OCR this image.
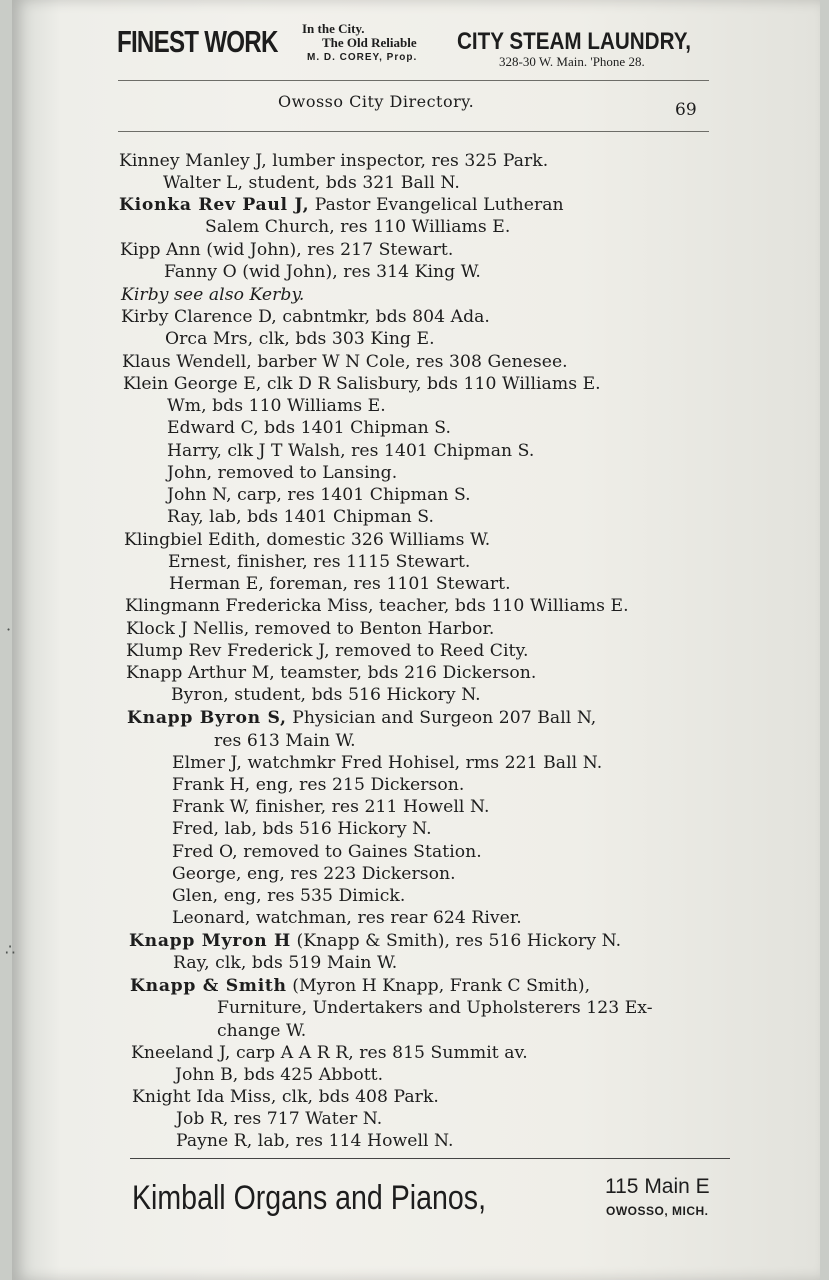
FINEST WORK In the City.
The Old Reliable
M. D. COREY, Prop.
CITY STEAM LAUNDRY,
328-30 W. Main. 'Phone 28.
Owosso City Directory.	69
Kinney Manley J, lumber inspector, res 325 Park.
Walter L, student, bds 321 Ball N.
Kionka Rev Paul J, Pastor Evangelical Lutheran
Salem Church, res 110 Williams E.
Kipp Ann (wid John), res 217 Stewart.
Fanny O (wid John), res 314 King W.
Kirby see also Kerby.
Kirby Clarence D, cabntmkr, bds 804 Ada.
Orca Mrs, clk, bds 303 King E.
Klaus Wendell, barber W N Cole, res 308 Genesee.
Klein George E, clk D R Salisbury, bds 110 Williams E.
Wm, bds 110 Williams E.
Edward C, bds 1401 Chipman S.
Harry, clk J T Walsh, res 1401 Chipman S.
John, removed to Lansing.
John N, carp, res 1401 Chipman S.
Ray, lab, bds 1401 Chipman S.
Klingbiel Edith, domestic 326 Williams W.
Ernest, finisher, res 1115 Stewart.
Herman E, foreman, res 1101 Stewart.
Klingmann Fredericka Miss, teacher, bds 110 Williams E.
Klock J Nellis, removed to Benton Harbor.
Klump Rev Frederick J, removed to Reed City.
Knapp Arthur M, teamster, bds 216 Dickerson.
Byron, student, bds 516 Hickory N.
Knapp Byron S, Physician and Surgeon 207 Ball N,
res 613 Main W.
Elmer J, watchmkr Fred Hohisel, rms 221 Ball N.
Frank H, eng, res 215 Dickerson.
Frank W, finisher, res 211 Howell N.
Fred, lab, bds 516 Hickory N.
Fred O, removed to Gaines Station.
George, eng, res 223 Dickerson.
Glen, eng, res 535 Dimick.
Leonard, watchman, res rear 624 River.
Knapp Myron H (Knapp & Smith), res 516 Hickory N.
Ray, clk, bds 519 Main W.
Knapp & Smith (Myron H Knapp, Frank C Smith),
Furniture, Undertakers and Upholsterers 123 Ex-
change W.
Kneeland J, carp A A R R, res 815 Summit av.
John B, bds 425 Abbott.
Knight Ida Miss, clk, bds 408 Park.
Job R, res 717 Water N.
Payne R, lab, res 114 Howell N.
Kimball Organs and Pianos,	115 Main E
OWOSSO, MICH.
·
∴
